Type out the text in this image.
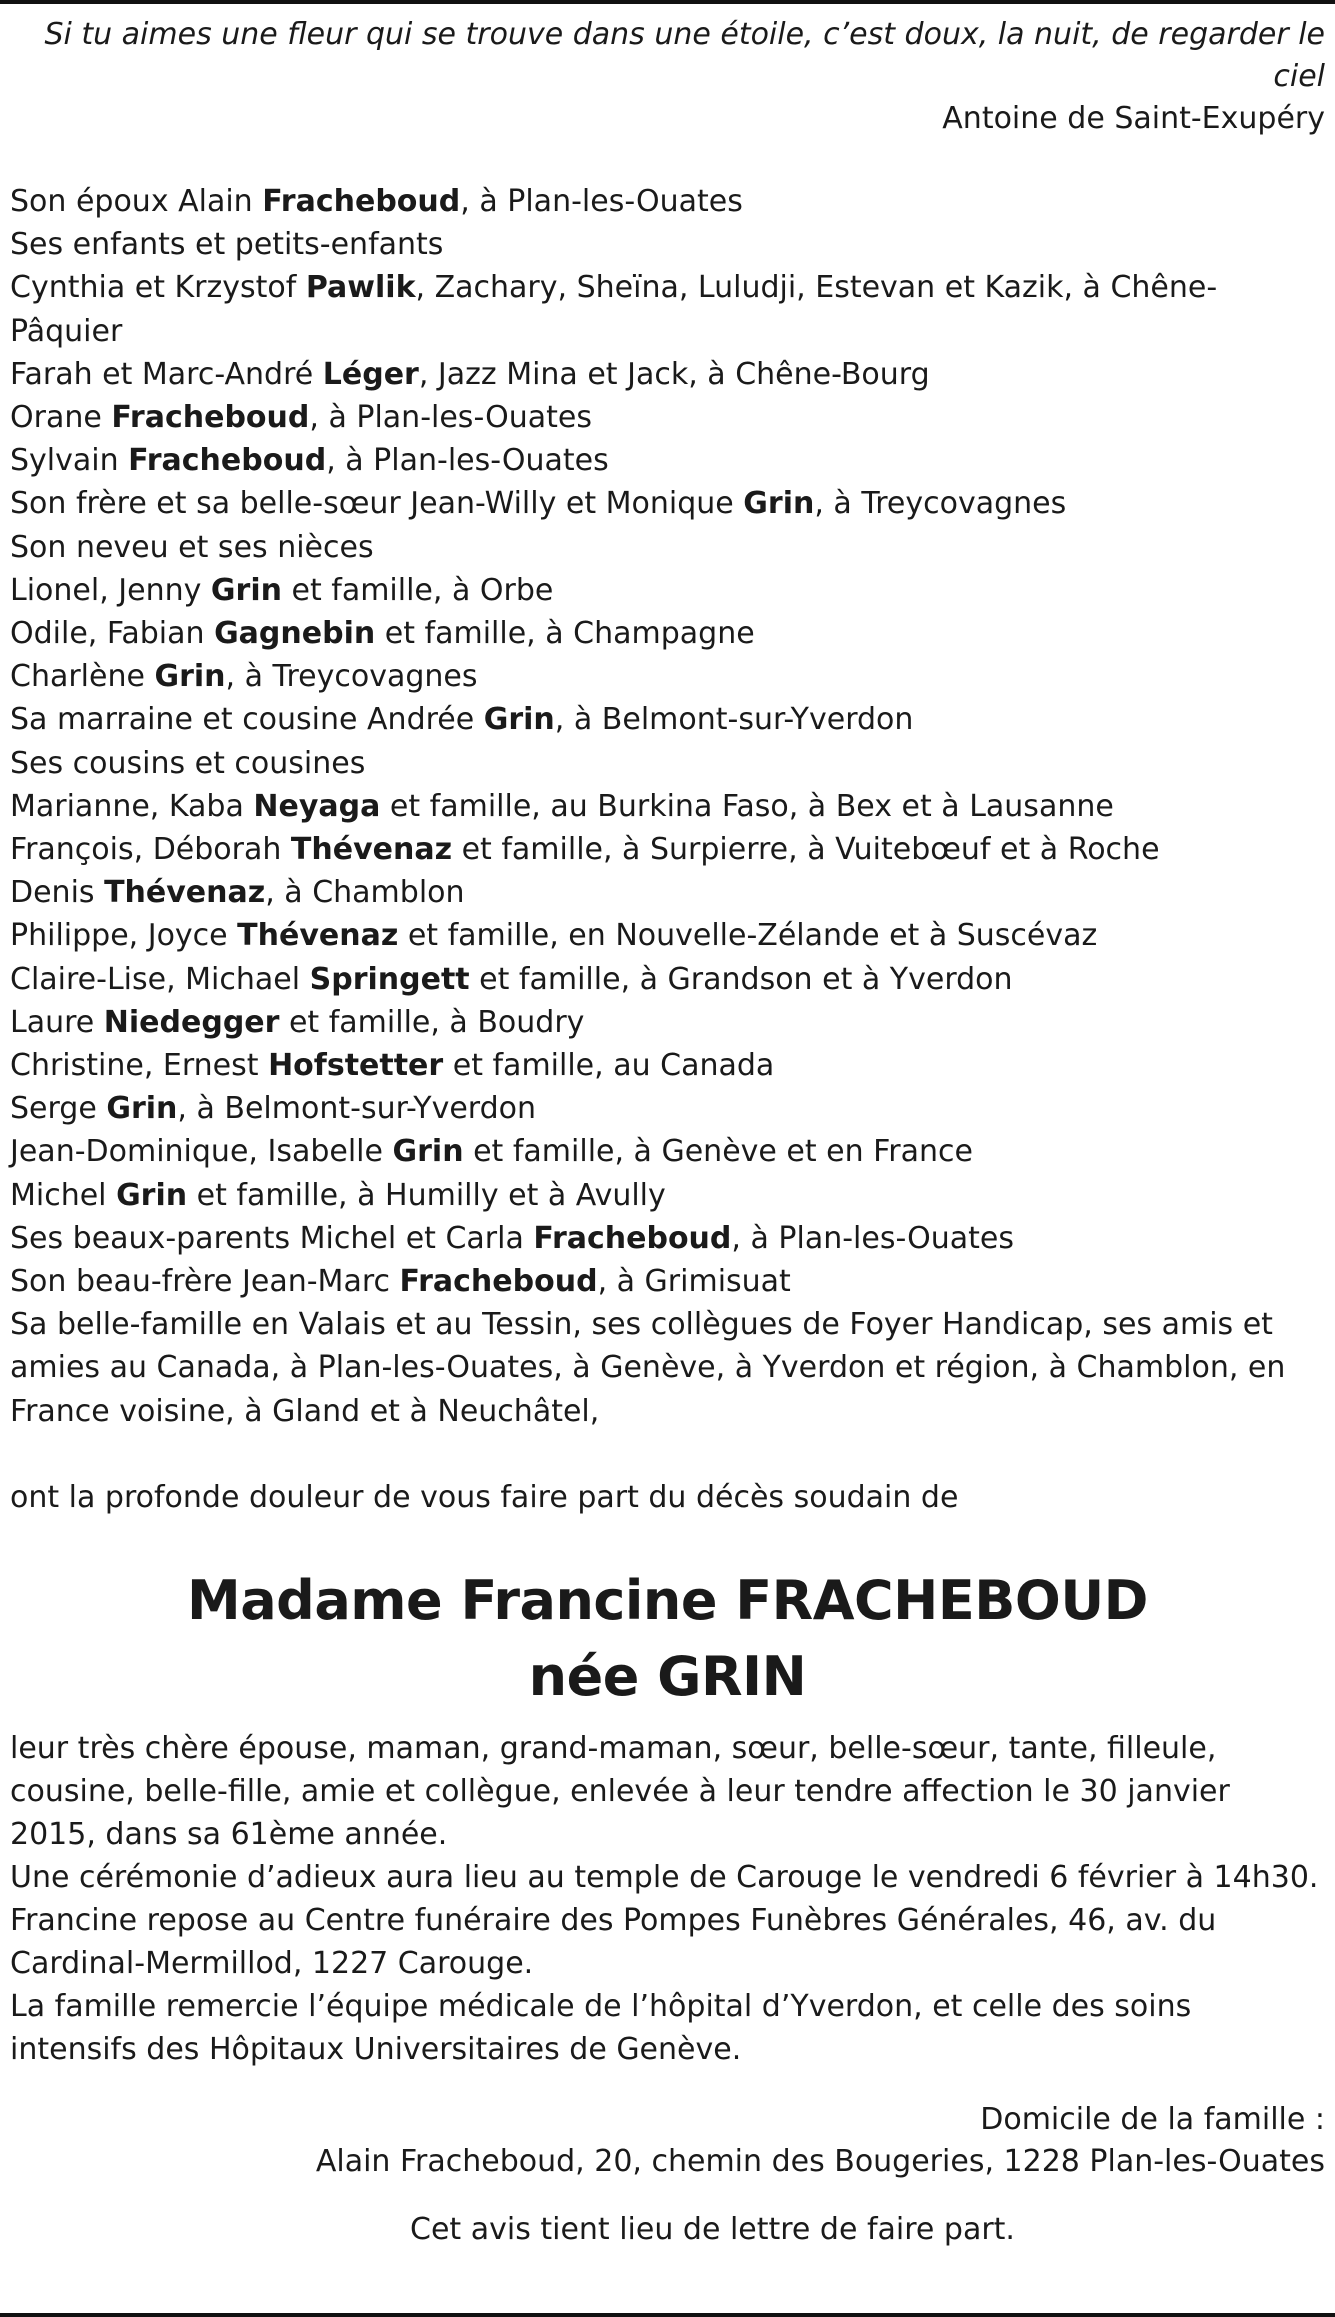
Si tu aimes une fleur qui se trouve dans une étoile, c’est doux, la nuit, de regarder le ciel
Antoine de Saint-Exupéry
Son époux Alain Fracheboud, à Plan-les-Ouates
Ses enfants et petits-enfants
Cynthia et Krzystof Pawlik, Zachary, Sheïna, Luludji, Estevan et Kazik, à Chêne-Pâquier
Farah et Marc-André Léger, Jazz Mina et Jack, à Chêne-Bourg
Orane Fracheboud, à Plan-les-Ouates
Sylvain Fracheboud, à Plan-les-Ouates
Son frère et sa belle-sœur Jean-Willy et Monique Grin, à Treycovagnes
Son neveu et ses nièces
Lionel, Jenny Grin et famille, à Orbe
Odile, Fabian Gagnebin et famille, à Champagne
Charlène Grin, à Treycovagnes
Sa marraine et cousine Andrée Grin, à Belmont-sur-Yverdon
Ses cousins et cousines
Marianne, Kaba Neyaga et famille, au Burkina Faso, à Bex et à Lausanne
François, Déborah Thévenaz et famille, à Surpierre, à Vuitebœuf et à Roche
Denis Thévenaz, à Chamblon
Philippe, Joyce Thévenaz et famille, en Nouvelle-Zélande et à Suscévaz
Claire-Lise, Michael Springett et famille, à Grandson et à Yverdon
Laure Niedegger et famille, à Boudry
Christine, Ernest Hofstetter et famille, au Canada
Serge Grin, à Belmont-sur-Yverdon
Jean-Dominique, Isabelle Grin et famille, à Genève et en France
Michel Grin et famille, à Humilly et à Avully
Ses beaux-parents Michel et Carla Fracheboud, à Plan-les-Ouates
Son beau-frère Jean-Marc Fracheboud, à Grimisuat
Sa belle-famille en Valais et au Tessin, ses collègues de Foyer Handicap, ses amis et amies au Canada, à Plan-les-Ouates, à Genève, à Yverdon et région, à Chamblon, en France voisine, à Gland et à Neuchâtel,
ont la profonde douleur de vous faire part du décès soudain de
Madame Francine FRACHEBOUD
née GRIN
leur très chère épouse, maman, grand-maman, sœur, belle-sœur, tante, filleule, cousine, belle-fille, amie et collègue, enlevée à leur tendre affection le 30 janvier 2015, dans sa 61ème année.
Une cérémonie d’adieux aura lieu au temple de Carouge le vendredi 6 février à 14h30.
Francine repose au Centre funéraire des Pompes Funèbres Générales, 46, av. du Cardinal-Mermillod, 1227 Carouge.
La famille remercie l’équipe médicale de l’hôpital d’Yverdon, et celle des soins intensifs des Hôpitaux Universitaires de Genève.
Domicile de la famille :
Alain Fracheboud, 20, chemin des Bougeries, 1228 Plan-les-Ouates
Cet avis tient lieu de lettre de faire part.
